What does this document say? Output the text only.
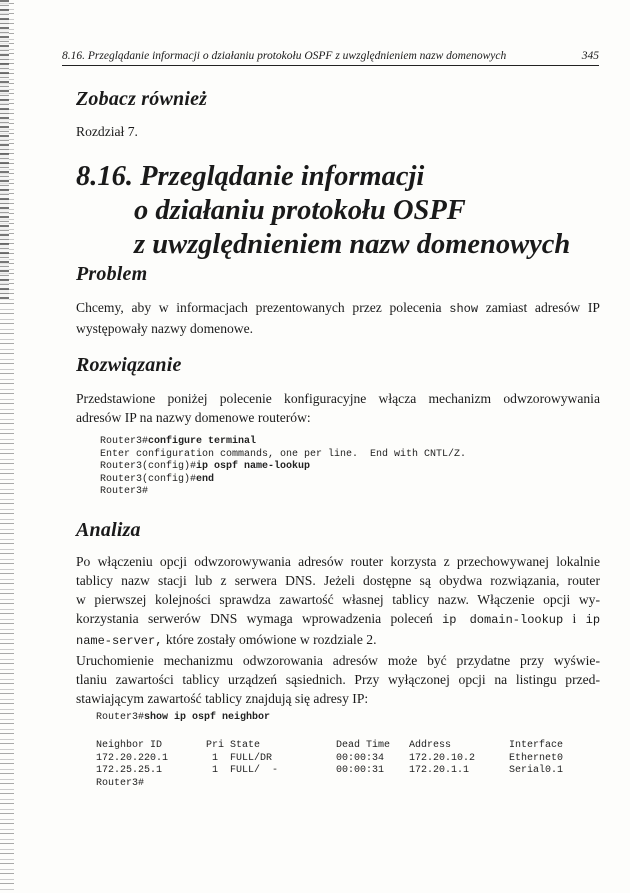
8.16. Przeglądanie informacji o działaniu protokołu OSPF z uwzględnieniem nazw domenowych	345
Zobacz również

Rozdział 7.

8.16. Przeglądanie informacji
o działaniu protokołu OSPF
z uwzględnieniem nazw domenowych
Problem

Chcemy, aby w informacjach prezentowanych przez polecenia show zamiast adresów IP
występowały nazwy domenowe.

Rozwiązanie

Przedstawione poniżej polecenie konfiguracyjne włącza mechanizm odwzorowywania
adresów IP na nazwy domenowe routerów:

Router3#configure terminal
Enter configuration commands, one per line.  End with CNTL/Z.
Router3(config)#ip ospf name-lookup
Router3(config)#end
Router3#
Analiza

Po włączeniu opcji odwzorowywania adresów router korzysta z przechowywanej lokalnie
tablicy nazw stacji lub z serwera DNS. Jeżeli dostępne są obydwa rozwiązania, router
w pierwszej kolejności sprawdza zawartość własnej tablicy nazw. Włączenie opcji wy-
korzystania serwerów DNS wymaga wprowadzenia poleceń ip domain-lookup i ip
name-server, które zostały omówione w rozdziale 2.

Uruchomienie mechanizmu odwzorowania adresów może być przydatne przy wyświe-
tlaniu zawartości tablicy urządzeń sąsiednich. Przy wyłączonej opcji na listingu przed-
stawiającym zawartość tablicy znajdują się adresy IP:

Router3#show ip ospf neighbor
Neighbor ID	Pri State	Dead Time	Address	Interface
172.20.220.1	1	FULL/DR	00:00:34	172.20.10.2	Ethernet0
172.25.25.1	1	FULL/  -	00:00:31	172.20.1.1	Serial0.1
Router3#
